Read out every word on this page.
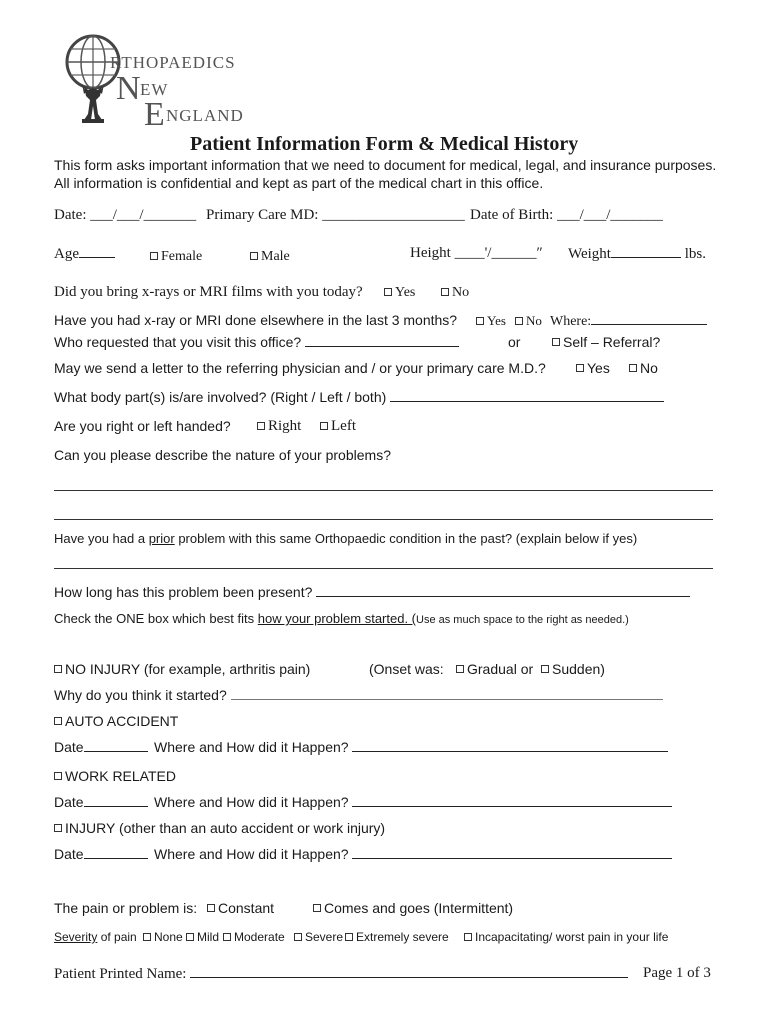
RTHOPAEDICS
N
EW
E NGLAND
Patient Information Form & Medical History
This form asks important information that we need to document for medical, legal, and insurance purposes.
All information is confidential and kept as part of the medical chart in this office.
Date: ___/___/_______ Primary Care MD: ___________________ Date of Birth: ___/___/_______
Age	Female	Male	Height ____'/______″ Weight	lbs.
Did you bring x-rays or MRI films with you today?	Yes	No
Have you had x-ray or MRI done elsewhere in the last 3 months?	Yes	No Where:
Who requested that you visit this office?	or	Self – Referral?
May we send a letter to the referring physician and / or your primary care M.D.?	Yes	No
What body part(s) is/are involved? (Right / Left / both)
Are you right or left handed?	Right	Left
Can you please describe the nature of your problems?
Have you had a prior problem with this same Orthopaedic condition in the past? (explain below if yes)
How long has this problem been present?
Check the ONE box which best fits how your problem started. (Use as much space to the right as needed.)
NO INJURY (for example, arthritis pain)	(Onset was:	Gradual or	Sudden)
Why do you think it started?
AUTO ACCIDENT
Date	Where and How did it Happen?
WORK RELATED
Date	Where and How did it Happen?
INJURY (other than an auto accident or work injury)
Date	Where and How did it Happen?
The pain or problem is:	Constant	Comes and goes (Intermittent)
Severity of pain	None	Mild	Moderate	Severe	Extremely severe	Incapacitating/ worst pain in your life
Patient Printed Name:	Page 1 of 3
